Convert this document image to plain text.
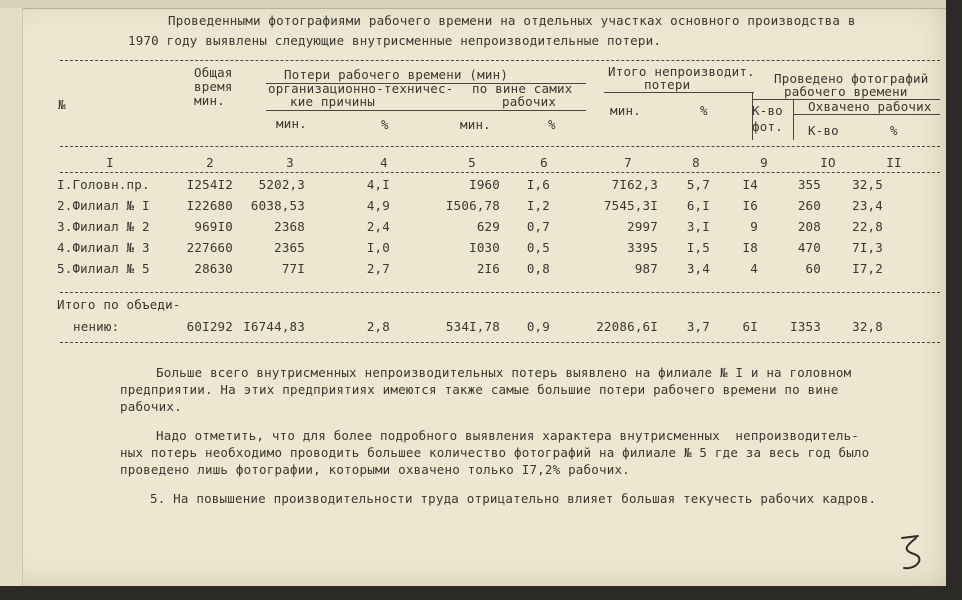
Проведенными фотографиями рабочего времени на отдельных участках основного производства в
1970 году выявлены следующие внутрисменные непроизводительные потери.
№
Общая
время
мин.
Потери рабочего времени (мин)
организационно-техничес-
кие причины
по вине самих
рабочих
мин.	%	мин.	%
Итого непроизводит.
потери
мин.	%
Проведено фотографий
рабочего времени
К-во
фот.
Охвачено рабочих
К-во	%
I	2	3	4	5	6	7	8	9	IO	II
I.Головн.пр.	I254I2	5202,3	4,I	I960	I,6	7I62,3	5,7	I4	355	32,5
2.Филиал № I	I22680	6038,53	4,9	I506,78	I,2	7545,3I	6,I	I6	260	23,4
3.Филиал № 2	969I0	2368	2,4	629	0,7	2997	3,I	9	208	22,8
4.Филиал № 3	227660	2365	I,0	I030	0,5	3395	I,5	I8	470	7I,3
5.Филиал № 5	28630	77I	2,7	2I6	0,8	987	3,4	4	60	I7,2
Итого по объеди-
нению:	60I292 I6744,83	2,8	534I,78	0,9	22086,6I	3,7	6I	I353	32,8
Больше всего внутрисменных непроизводительных потерь выявлено на филиале № I и на головном
предприятии. На этих предприятиях имеются также самые большие потери рабочего времени по вине
рабочих.
Надо отметить, что для более подробного выявления характера внутрисменных  непроизводитель-
ных потерь необходимо проводить большее количество фотографий на филиале № 5 где за весь год было
проведено лишь фотографии, которыми охвачено только I7,2% рабочих.
5. На повышение производительности труда отрицательно влияет большая текучесть рабочих кадров.
